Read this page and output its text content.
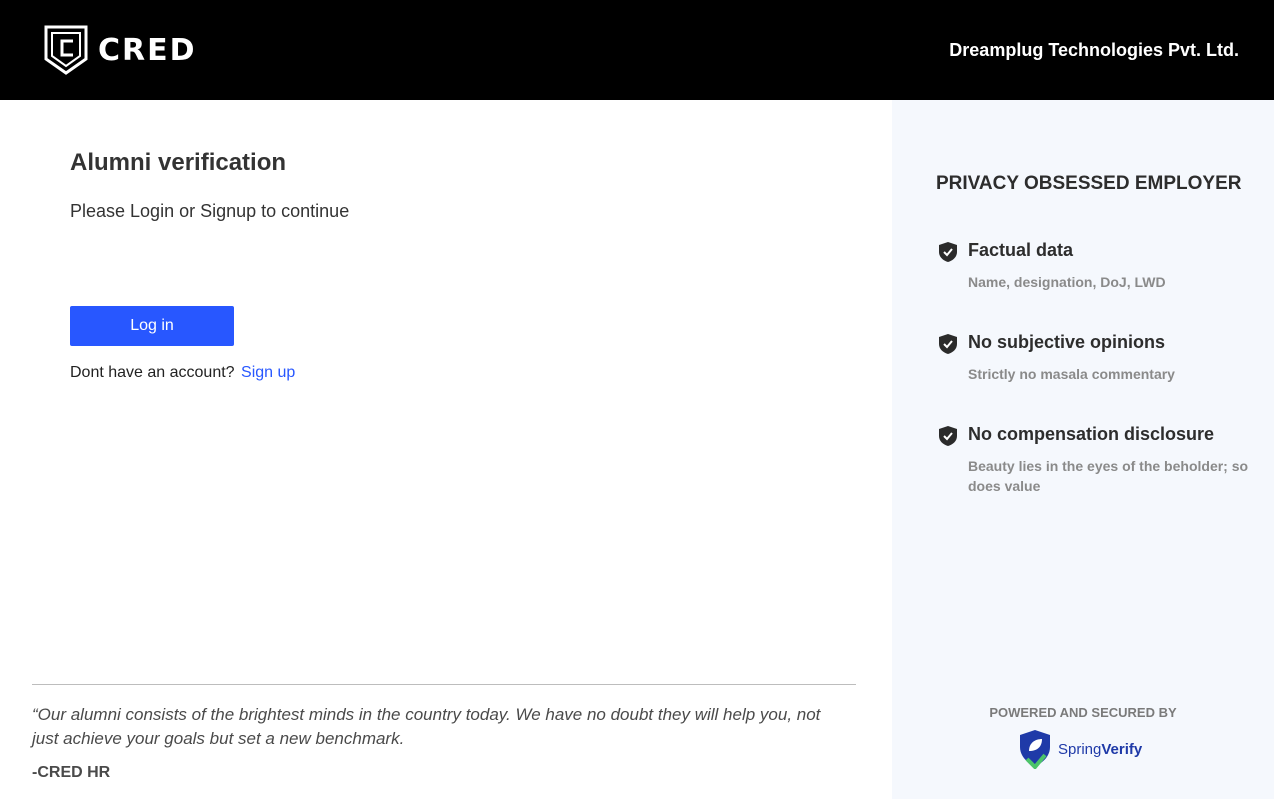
CRED	Dreamplug Technologies Pvt. Ltd.
Alumni verification

Please Login or Signup to continue

Log in
Dont have an account? Sign up

“Our alumni consists of the brightest minds in the country today. We have no doubt they will help you, not just achieve your goals but set a new benchmark.

-CRED HR

PRIVACY OBSESSED EMPLOYER
Factual data
Name, designation, DoJ, LWD
No subjective opinions
Strictly no masala commentary
No compensation disclosure
Beauty lies in the eyes of the beholder; so does value
POWERED AND SECURED BY
SpringVerify
